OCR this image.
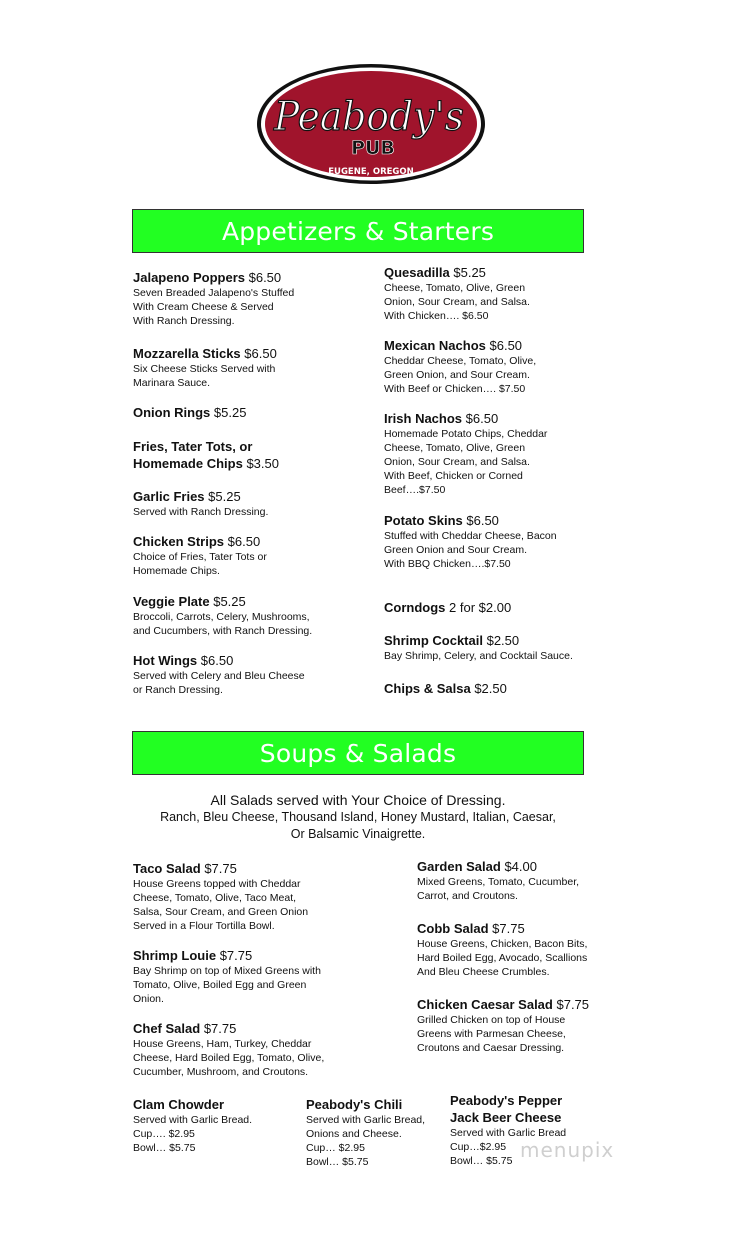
Peabody's
PUB
EUGENE, OREGON
Appetizers & Starters
Jalapeno Poppers $6.50
Seven Breaded Jalapeno's Stuffed
With Cream Cheese & Served
With Ranch Dressing.
Mozzarella Sticks $6.50
Six Cheese Sticks Served with
Marinara Sauce.
Onion Rings $5.25
Fries, Tater Tots, or
Homemade Chips $3.50
Garlic Fries $5.25
Served with Ranch Dressing.
Chicken Strips $6.50
Choice of Fries, Tater Tots or
Homemade Chips.
Veggie Plate $5.25
Broccoli, Carrots, Celery, Mushrooms,
and Cucumbers, with Ranch Dressing.
Hot Wings $6.50
Served with Celery and Bleu Cheese
or Ranch Dressing.
Quesadilla $5.25
Cheese, Tomato, Olive, Green
Onion, Sour Cream, and Salsa.
With Chicken…. $6.50
Mexican Nachos $6.50
Cheddar Cheese, Tomato, Olive,
Green Onion, and Sour Cream.
With Beef or Chicken…. $7.50
Irish Nachos $6.50
Homemade Potato Chips, Cheddar
Cheese, Tomato, Olive, Green
Onion, Sour Cream, and Salsa.
With Beef, Chicken or Corned
Beef….$7.50
Potato Skins $6.50
Stuffed with Cheddar Cheese, Bacon
Green Onion and Sour Cream.
With BBQ Chicken….$7.50
Corndogs 2 for $2.00
Shrimp Cocktail $2.50
Bay Shrimp, Celery, and Cocktail Sauce.
Chips & Salsa $2.50
Soups & Salads
All Salads served with Your Choice of Dressing.
Ranch, Bleu Cheese, Thousand Island, Honey Mustard, Italian, Caesar,
Or Balsamic Vinaigrette.
Taco Salad $7.75
House Greens topped with Cheddar
Cheese, Tomato, Olive, Taco Meat,
Salsa, Sour Cream, and Green Onion
Served in a Flour Tortilla Bowl.
Shrimp Louie $7.75
Bay Shrimp on top of Mixed Greens with
Tomato, Olive, Boiled Egg and Green
Onion.
Chef Salad $7.75
House Greens, Ham, Turkey, Cheddar
Cheese, Hard Boiled Egg, Tomato, Olive,
Cucumber, Mushroom, and Croutons.
Garden Salad $4.00
Mixed Greens, Tomato, Cucumber,
Carrot, and Croutons.
Cobb Salad $7.75
House Greens, Chicken, Bacon Bits,
Hard Boiled Egg, Avocado, Scallions
And Bleu Cheese Crumbles.
Chicken Caesar Salad $7.75
Grilled Chicken on top of House
Greens with Parmesan Cheese,
Croutons and Caesar Dressing.
Clam Chowder
Served with Garlic Bread.
Cup…. $2.95
Bowl… $5.75
Peabody's Chili
Served with Garlic Bread,
Onions and Cheese.
Cup… $2.95
Bowl… $5.75
Peabody's Pepper
Jack Beer Cheese
Served with Garlic Bread
Cup…$2.95
Bowl… $5.75 menupix
